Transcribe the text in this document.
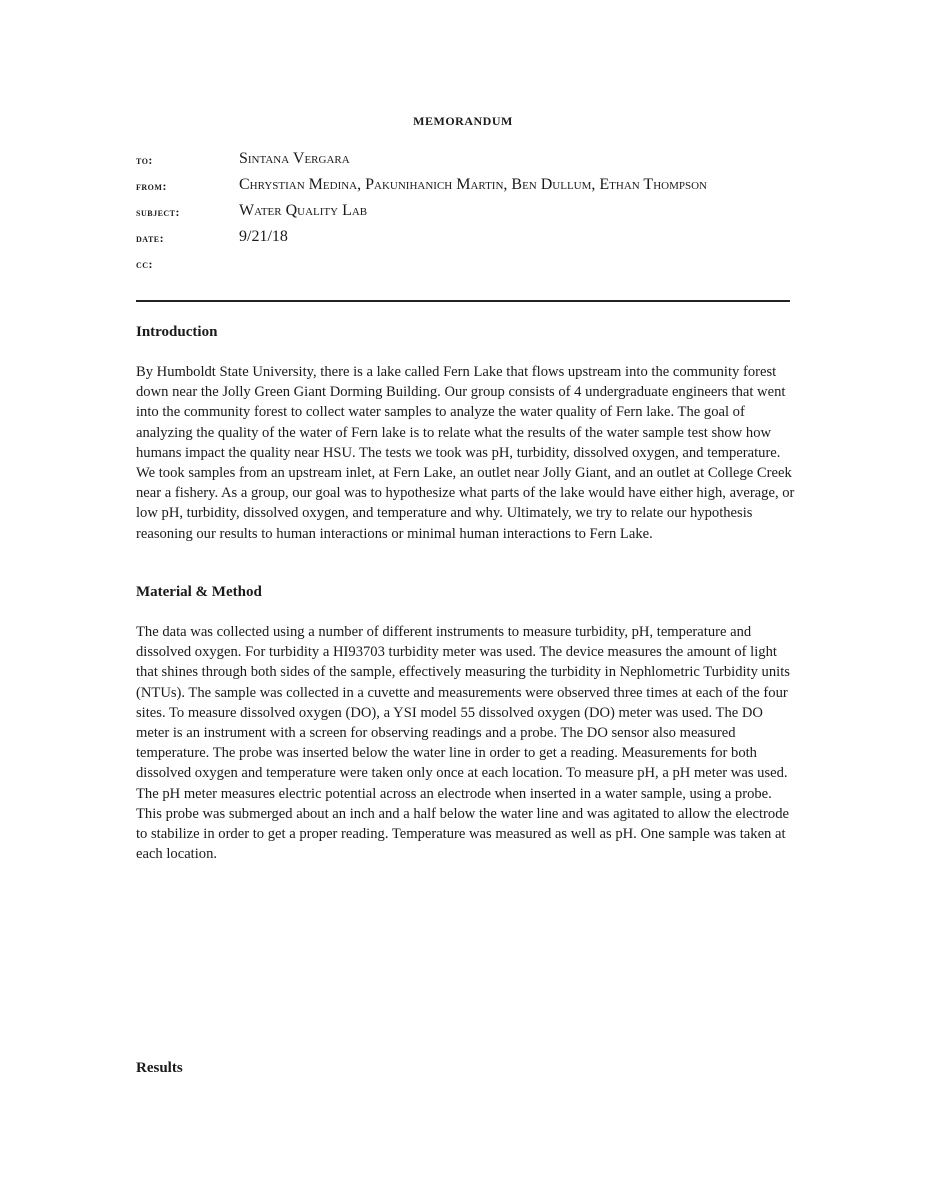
MEMORANDUM
to:	Sintana Vergara
from:	Chrystian Medina, Pakunihanich Martin, Ben Dullum, Ethan Thompson
subject:	Water Quality Lab
date:	9/21/18
cc:
Introduction

By Humboldt State University, there is a lake called Fern Lake that flows upstream into the community forest down near the Jolly Green Giant Dorming Building. Our group consists of 4 undergraduate engineers that went into the community forest to collect water samples to analyze the water quality of Fern lake. The goal of analyzing the quality of the water of Fern lake is to relate what the results of the water sample test show how humans impact the quality near HSU. The tests we took was pH, turbidity, dissolved oxygen, and temperature. We took samples from an upstream inlet, at Fern Lake, an outlet near Jolly Giant, and an outlet at College Creek near a fishery. As a group, our goal was to hypothesize what parts of the lake would have either high, average, or low pH, turbidity, dissolved oxygen, and temperature and why. Ultimately, we try to relate our hypothesis reasoning our results to human interactions or minimal human interactions to Fern Lake.

Material & Method

The data was collected using a number of different instruments to measure turbidity, pH, temperature and dissolved oxygen. For turbidity a HI93703 turbidity meter was used. The device measures the amount of light that shines through both sides of the sample, effectively measuring the turbidity in Nephlometric Turbidity units (NTUs). The sample was collected in a cuvette and measurements were observed three times at each of the four sites. To measure dissolved oxygen (DO), a YSI model 55 dissolved oxygen (DO) meter was used. The DO meter is an instrument with a screen for observing readings and a probe. The DO sensor also measured temperature. The probe was inserted below the water line in order to get a reading. Measurements for both dissolved oxygen and temperature were taken only once at each location. To measure pH, a pH meter was used. The pH meter measures electric potential across an electrode when inserted in a water sample, using a probe. This probe was submerged about an inch and a half below the water line and was agitated to allow the electrode to stabilize in order to get a proper reading. Temperature was measured as well as pH. One sample was taken at each location.

Results
